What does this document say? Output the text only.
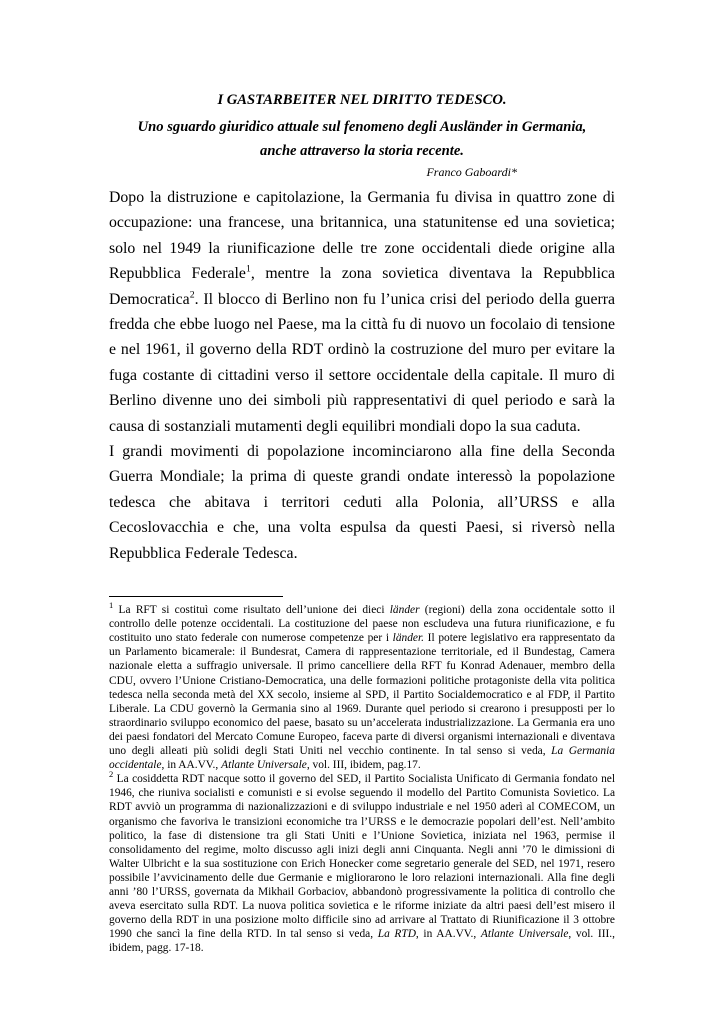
I GASTARBEITER NEL DIRITTO TEDESCO.

Uno sguardo giuridico attuale sul fenomeno degli Ausländer in Germania,

anche attraverso la storia recente.

Franco Gaboardi*

Dopo la distruzione e capitolazione, la Germania fu divisa in quattro zone di occupazione: una francese, una britannica, una statunitense ed una sovietica; solo nel 1949 la riunificazione delle tre zone occidentali diede origine alla Repubblica Federale$^1$, mentre la zona sovietica diventava la Repubblica Democratica$^2$. Il blocco di Berlino non fu l’unica crisi del periodo della guerra fredda che ebbe luogo nel Paese, ma la città fu di nuovo un focolaio di tensione e nel 1961, il governo della RDT ordinò la costruzione del muro per evitare la fuga costante di cittadini verso il settore occidentale della capitale. Il muro di Berlino divenne uno dei simboli più rappresentativi di quel periodo e sarà la causa di sostanziali mutamenti degli equilibri mondiali dopo la sua caduta.

I grandi movimenti di popolazione incominciarono alla fine della Seconda Guerra Mondiale; la prima di queste grandi ondate interessò la popolazione tedesca che abitava i territori ceduti alla Polonia, all’URSS e alla Cecoslovacchia e che, una volta espulsa da questi Paesi, si riversò nella Repubblica Federale Tedesca.

$^1$ La RFT si costituì come risultato dell’unione dei dieci länder (regioni) della zona occidentale sotto il controllo delle potenze occidentali. La costituzione del paese non escludeva una futura riunificazione, e fu costituito uno stato federale con numerose competenze per i länder. Il potere legislativo era rappresentato da un Parlamento bicamerale: il Bundesrat, Camera di rappresentazione territoriale, ed il Bundestag, Camera nazionale eletta a suffragio universale. Il primo cancelliere della RFT fu Konrad Adenauer, membro della CDU, ovvero l’Unione Cristiano-Democratica, una delle formazioni politiche protagoniste della vita politica tedesca nella seconda metà del XX secolo, insieme al SPD, il Partito Socialdemocratico e al FDP, il Partito Liberale. La CDU governò la Germania sino al 1969. Durante quel periodo si crearono i presupposti per lo straordinario sviluppo economico del paese, basato su un’accelerata industrializzazione. La Germania era uno dei paesi fondatori del Mercato Comune Europeo, faceva parte di diversi organismi internazionali e diventava uno degli alleati più solidi degli Stati Uniti nel vecchio continente. In tal senso si veda, La Germania occidentale, in AA.VV., Atlante Universale, vol. III, ibidem, pag.17.

$^2$ La cosiddetta RDT nacque sotto il governo del SED, il Partito Socialista Unificato di Germania fondato nel 1946, che riuniva socialisti e comunisti e si evolse seguendo il modello del Partito Comunista Sovietico. La RDT avviò un programma di nazionalizzazioni e di sviluppo industriale e nel 1950 aderì al COMECOM, un organismo che favoriva le transizioni economiche tra l’URSS e le democrazie popolari dell’est. Nell’ambito politico, la fase di distensione tra gli Stati Uniti e l’Unione Sovietica, iniziata nel 1963, permise il consolidamento del regime, molto discusso agli inizi degli anni Cinquanta. Negli anni ’70 le dimissioni di Walter Ulbricht e la sua sostituzione con Erich Honecker come segretario generale del SED, nel 1971, resero possibile l’avvicinamento delle due Germanie e migliorarono le loro relazioni internazionali. Alla fine degli anni ’80 l’URSS, governata da Mikhail Gorbaciov, abbandonò progressivamente la politica di controllo che aveva esercitato sulla RDT. La nuova politica sovietica e le riforme iniziate da altri paesi dell’est misero il governo della RDT in una posizione molto difficile sino ad arrivare al Trattato di Riunificazione il 3 ottobre 1990 che sancì la fine della RTD. In tal senso si veda, La RTD, in AA.VV., Atlante Universale, vol. III., ibidem, pagg. 17-18.
